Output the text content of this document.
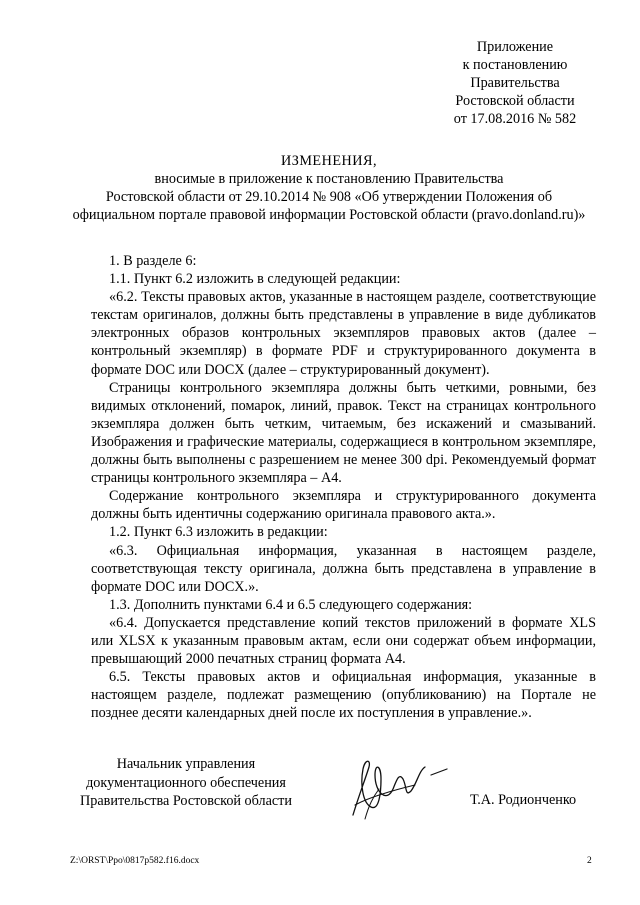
Приложение
к постановлению
Правительства
Ростовской области
от 17.08.2016 № 582
ИЗМЕНЕНИЯ,
вносимые в приложение к постановлению Правительства
Ростовской области от 29.10.2014 № 908 «Об утверждении Положения об
официальном портале правовой информации Ростовской области (pravo.donland.ru)»

1. В разделе 6:

1.1. Пункт 6.2 изложить в следующей редакции:

«6.2. Тексты правовых актов, указанные в настоящем разделе, соответствующие текстам оригиналов, должны быть представлены в управление в виде дубликатов электронных образов контрольных экземпляров правовых актов (далее – контрольный экземпляр) в формате PDF и структурированного документа в формате DOC или DOCX (далее – структурированный документ).

Страницы контрольного экземпляра должны быть четкими, ровными, без видимых отклонений, помарок, линий, правок. Текст на страницах контрольного экземпляра должен быть четким, читаемым, без искажений и смазываний. Изображения и графические материалы, содержащиеся в контрольном экземпляре, должны быть выполнены с разрешением не менее 300 dpi. Рекомендуемый формат страницы контрольного экземпляра – А4.

Содержание контрольного экземпляра и структурированного документа должны быть идентичны содержанию оригинала правового акта.».

1.2. Пункт 6.3 изложить в редакции:

«6.3. Официальная информация, указанная в настоящем разделе, соответствующая тексту оригинала, должна быть представлена в управление в формате DOC или DOCX.».

1.3. Дополнить пунктами 6.4 и 6.5 следующего содержания:

«6.4. Допускается представление копий текстов приложений в формате XLS или XLSX к указанным правовым актам, если они содержат объем информации, превышающий 2000 печатных страниц формата А4.

6.5. Тексты правовых актов и официальная информация, указанные в настоящем разделе, подлежат размещению (опубликованию) на Портале не позднее десяти календарных дней после их поступления в управление.».

Начальник управления
документационного обеспечения
Правительства Ростовской области	Т.А. Родионченко
Z:\ORST\Ppo\0817p582.f16.docx	2
